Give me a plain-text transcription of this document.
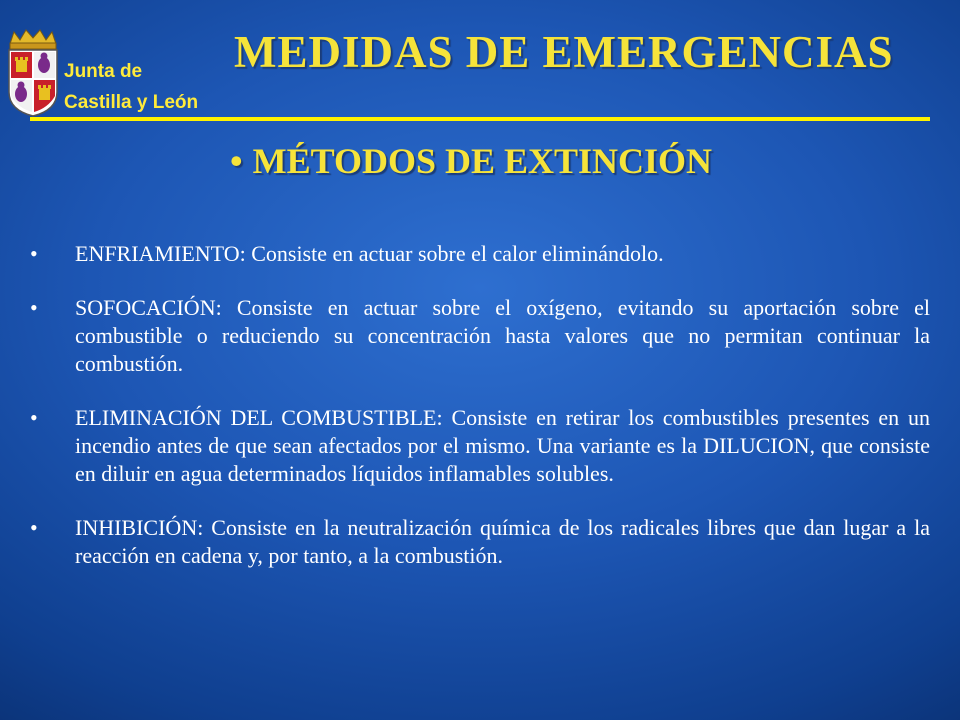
Junta de
Castilla y León
MEDIDAS DE EMERGENCIAS
• MÉTODOS DE EXTINCIÓN
• ENFRIAMIENTO: Consiste en actuar sobre el calor eliminándolo.
• SOFOCACIÓN: Consiste en actuar sobre el oxígeno, evitando su aportación sobre el combustible o reduciendo su concentración hasta valores que no permitan continuar la combustión.
• ELIMINACIÓN DEL COMBUSTIBLE: Consiste en retirar los combustibles presentes en un incendio antes de que sean afectados por el mismo. Una variante es la DILUCION, que consiste en diluir en agua determinados líquidos inflamables solubles.
• INHIBICIÓN: Consiste en la neutralización química de los radicales libres que dan lugar a la reacción en cadena y, por tanto, a la combustión.
